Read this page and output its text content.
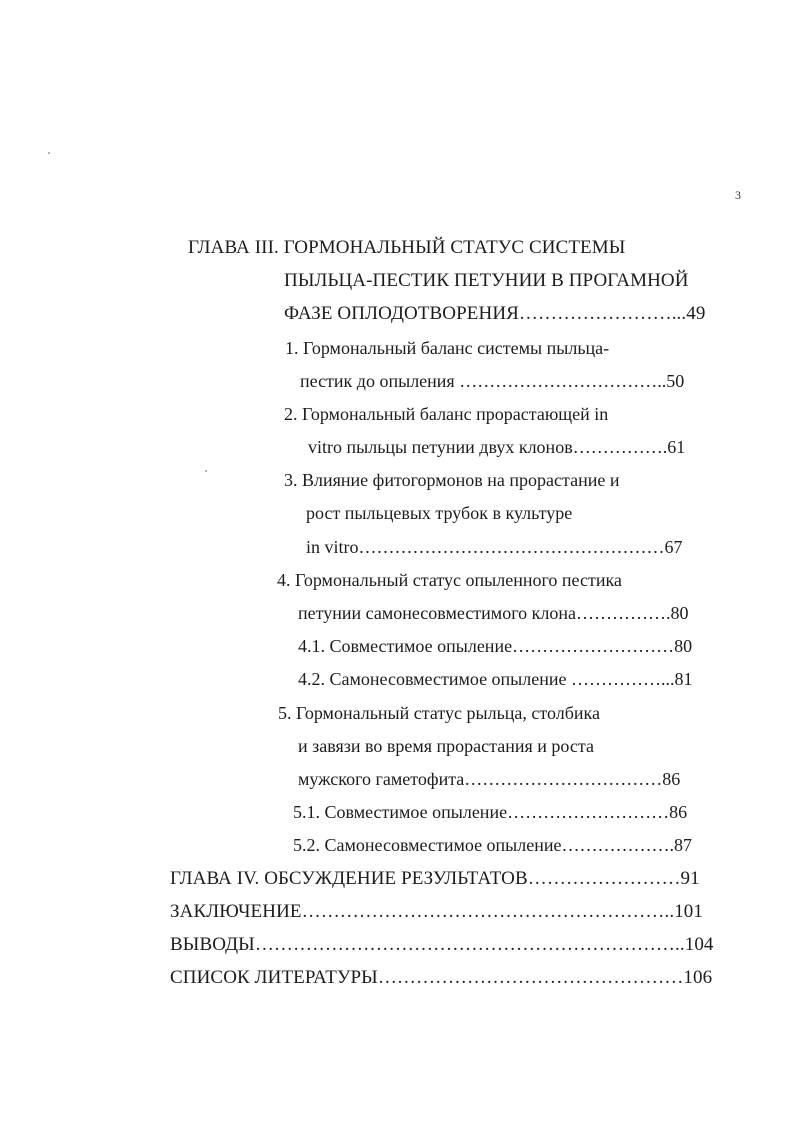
3
ГЛАВА III. ГОРМОНАЛЬНЫЙ СТАТУС СИСТЕМЫ
ПЫЛЬЦА-ПЕСТИК ПЕТУНИИ В ПРОГАМНОЙ
ФАЗЕ ОПЛОДОТВОРЕНИЯ……………………...49
1. Гормональный баланс системы пыльца-
пестик до опыления ……………………………..50
2. Гормональный баланс прорастающей in
vitro пыльцы петунии двух клонов…………….61
3. Влияние фитогормонов на прорастание и
рост пыльцевых трубок в культуре
in vitro……………………………………………67
4. Гормональный статус опыленного пестика
петунии самонесовместимого клона…………….80
4.1. Совместимое опыление………………………80
4.2. Самонесовместимое опыление ……………...81
5. Гормональный статус рыльца, столбика
и завязи во время прорастания и роста
мужского гаметофита……………………………86
5.1. Совместимое опыление………………………86
5.2. Самонесовместимое опыление……………….87
ГЛАВА IV. ОБСУЖДЕНИЕ РЕЗУЛЬТАТОВ……………………91
ЗАКЛЮЧЕНИЕ…………………………………………………..101
ВЫВОДЫ…………………………………………………………..104
СПИСОК ЛИТЕРАТУРЫ…………………………………………106
